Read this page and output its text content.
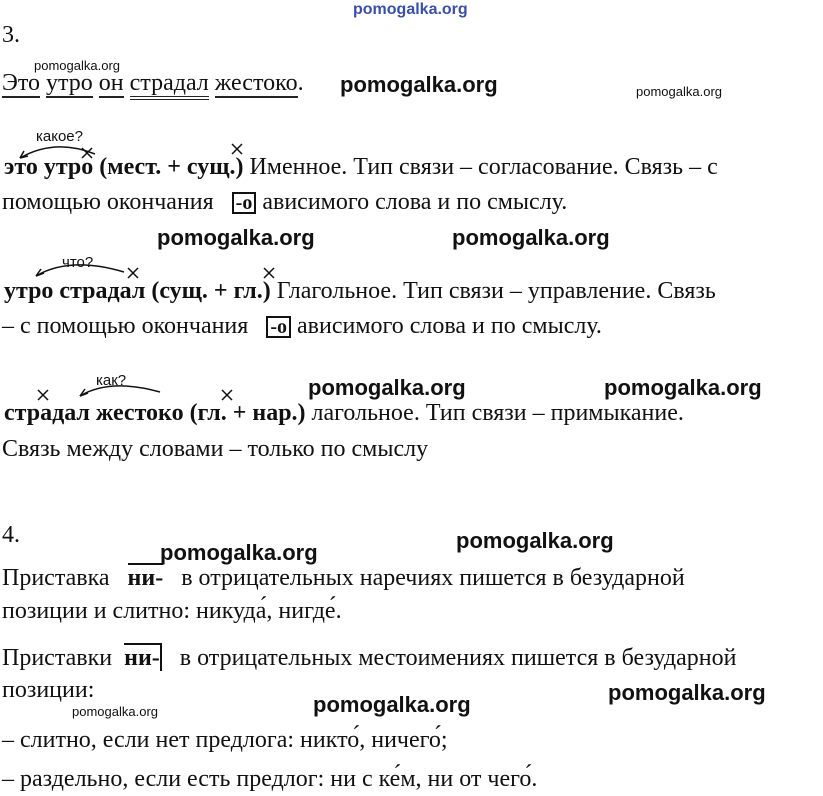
pomogalka.org
3.
pomogalka.org
Это утро он страдал жестоко. pomogalka.org	pomogalka.org
какое?
это утро (мест. + сущ.) Именное. Тип связи – согласование. Связь – с
помощью окончания -о ависимого слова и по смыслу.
pomogalka.org	pomogalka.org
что?
утро страдал (сущ. + гл.) Глагольное. Тип связи – управление. Связь
– с помощью окончания -о ависимого слова и по смыслу.
как?	pomogalka.org	pomogalka.org
страдал жестоко (гл. + нар.) лагольное. Тип связи – примыкание.
Связь между словами – только по смыслу
4.
pomogalka.org	pomogalka.org
Приставка ни- в отрицательных наречиях пишется в безударной
позиции и слитно: никуда́, нигде́.
Приставки ни- в отрицательных местоимениях пишется в безударной
позиции:	pomogalka.org
pomogalka.org	pomogalka.org
– слитно, если нет предлога: никто́, ничего́;
– раздельно, если есть предлог: ни с ке́м, ни от чего́.
